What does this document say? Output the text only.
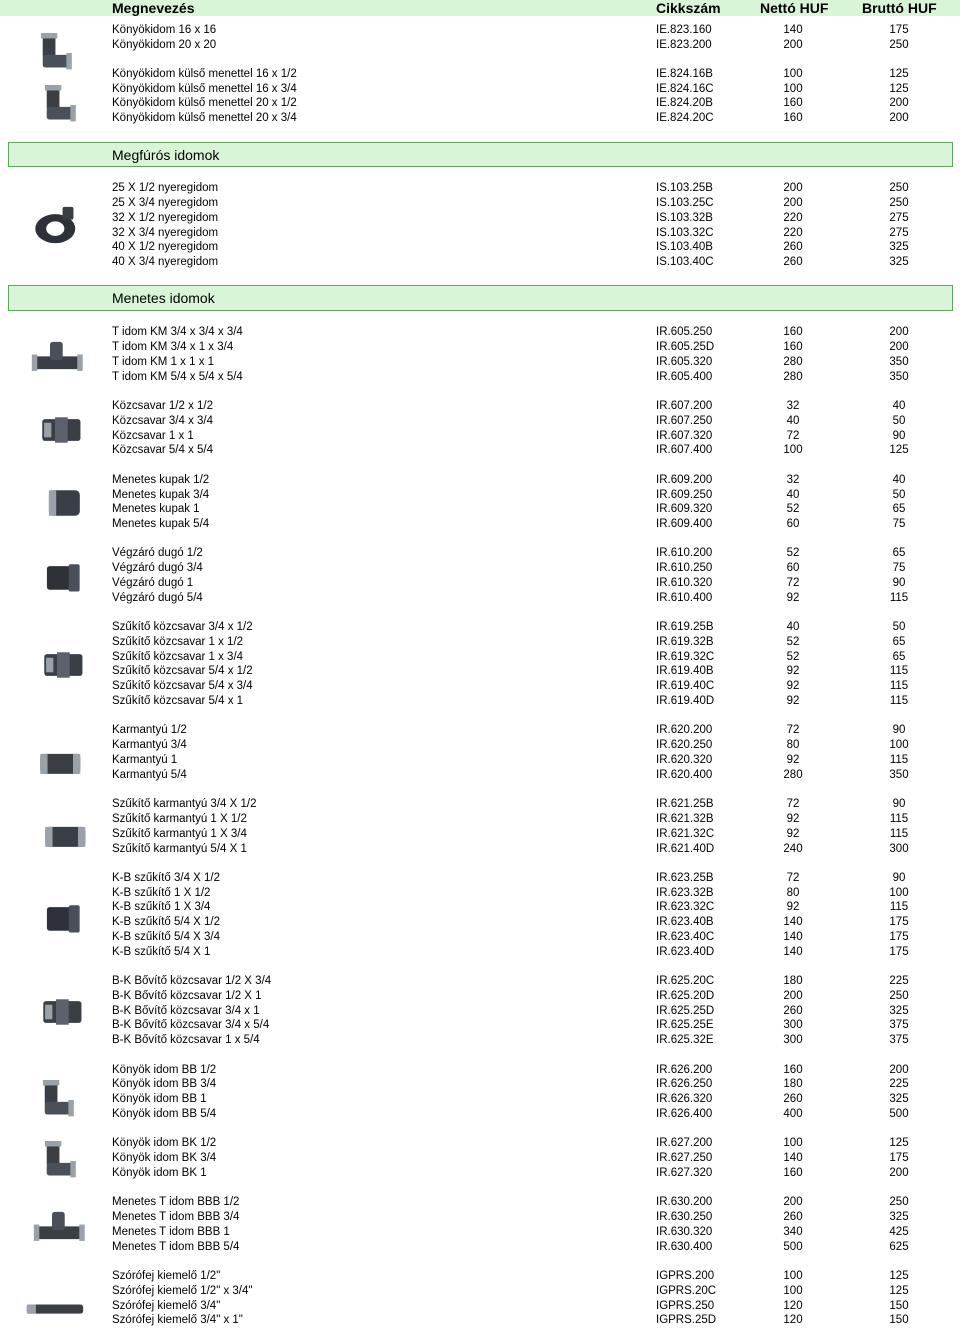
Megnevezés	Cikkszám	Nettó HUF Bruttó HUF
Megfúrós idomok
Menetes idomok
Könyökidom 16 x 16	IE.823.160	140	175
Könyökidom 20 x 20	IE.823.200	200	250
Könyökidom külső menettel 16 x 1/2	IE.824.16B	100	125
Könyökidom külső menettel 16 x 3/4	IE.824.16C	100	125
Könyökidom külső menettel 20 x 1/2	IE.824.20B	160	200
Könyökidom külső menettel 20 x 3/4	IE.824.20C	160	200
25 X 1/2 nyeregidom	IS.103.25B	200	250
25 X 3/4 nyeregidom	IS.103.25C	200	250
32 X 1/2 nyeregidom	IS.103.32B	220	275
32 X 3/4 nyeregidom	IS.103.32C	220	275
40 X 1/2 nyeregidom	IS.103.40B	260	325
40 X 3/4 nyeregidom	IS.103.40C	260	325
T idom KM 3/4 x 3/4 x 3/4	IR.605.250	160	200
T idom KM 3/4 x 1 x 3/4	IR.605.25D	160	200
T idom KM 1 x 1 x 1	IR.605.320	280	350
T idom KM 5/4 x 5/4 x 5/4	IR.605.400	280	350
Közcsavar 1/2 x 1/2	IR.607.200	32	40
Közcsavar 3/4 x 3/4	IR.607.250	40	50
Közcsavar 1 x 1	IR.607.320	72	90
Közcsavar 5/4 x 5/4	IR.607.400	100	125
Menetes kupak 1/2	IR.609.200	32	40
Menetes kupak 3/4	IR.609.250	40	50
Menetes kupak 1	IR.609.320	52	65
Menetes kupak 5/4	IR.609.400	60	75
Végzáró dugó 1/2	IR.610.200	52	65
Végzáró dugó 3/4	IR.610.250	60	75
Végzáró dugó 1	IR.610.320	72	90
Végzáró dugó 5/4	IR.610.400	92	115
Szűkítő közcsavar 3/4 x 1/2	IR.619.25B	40	50
Szűkítő közcsavar 1 x 1/2	IR.619.32B	52	65
Szűkítő közcsavar 1 x 3/4	IR.619.32C	52	65
Szűkítő közcsavar 5/4 x 1/2	IR.619.40B	92	115
Szűkítő közcsavar 5/4 x 3/4	IR.619.40C	92	115
Szűkítő közcsavar 5/4 x 1	IR.619.40D	92	115
Karmantyú 1/2	IR.620.200	72	90
Karmantyú 3/4	IR.620.250	80	100
Karmantyú 1	IR.620.320	92	115
Karmantyú 5/4	IR.620.400	280	350
Szűkítő karmantyú 3/4 X 1/2	IR.621.25B	72	90
Szűkítő karmantyú 1 X 1/2	IR.621.32B	92	115
Szűkítő karmantyú 1 X 3/4	IR.621.32C	92	115
Szűkítő karmantyú 5/4 X 1	IR.621.40D	240	300
K-B szűkítő 3/4 X 1/2	IR.623.25B	72	90
K-B szűkítő 1 X 1/2	IR.623.32B	80	100
K-B szűkítő 1 X 3/4	IR.623.32C	92	115
K-B szűkítő 5/4 X 1/2	IR.623.40B	140	175
K-B szűkítő 5/4 X 3/4	IR.623.40C	140	175
K-B szűkítő 5/4 X 1	IR.623.40D	140	175
B-K Bővítő közcsavar 1/2 X 3/4	IR.625.20C	180	225
B-K Bővítő közcsavar 1/2 X 1	IR.625.20D	200	250
B-K Bővítő közcsavar 3/4 x 1	IR.625.25D	260	325
B-K Bővítő közcsavar 3/4 x 5/4	IR.625.25E	300	375
B-K Bővítő közcsavar 1 x 5/4	IR.625.32E	300	375
Könyök idom BB 1/2	IR.626.200	160	200
Könyök idom BB 3/4	IR.626.250	180	225
Könyök idom BB 1	IR.626.320	260	325
Könyök idom BB 5/4	IR.626.400	400	500
Könyök idom BK 1/2	IR.627.200	100	125
Könyök idom BK 3/4	IR.627.250	140	175
Könyök idom BK 1	IR.627.320	160	200
Menetes T idom BBB 1/2	IR.630.200	200	250
Menetes T idom BBB 3/4	IR.630.250	260	325
Menetes T idom BBB 1	IR.630.320	340	425
Menetes T idom BBB 5/4	IR.630.400	500	625
Szórófej kiemelő 1/2"	IGPRS.200	100	125
Szórófej kiemelő 1/2" x 3/4"	IGPRS.20C	100	125
Szórófej kiemelő 3/4"	IGPRS.250	120	150
Szórófej kiemelő 3/4" x 1"	IGPRS.25D	120	150
